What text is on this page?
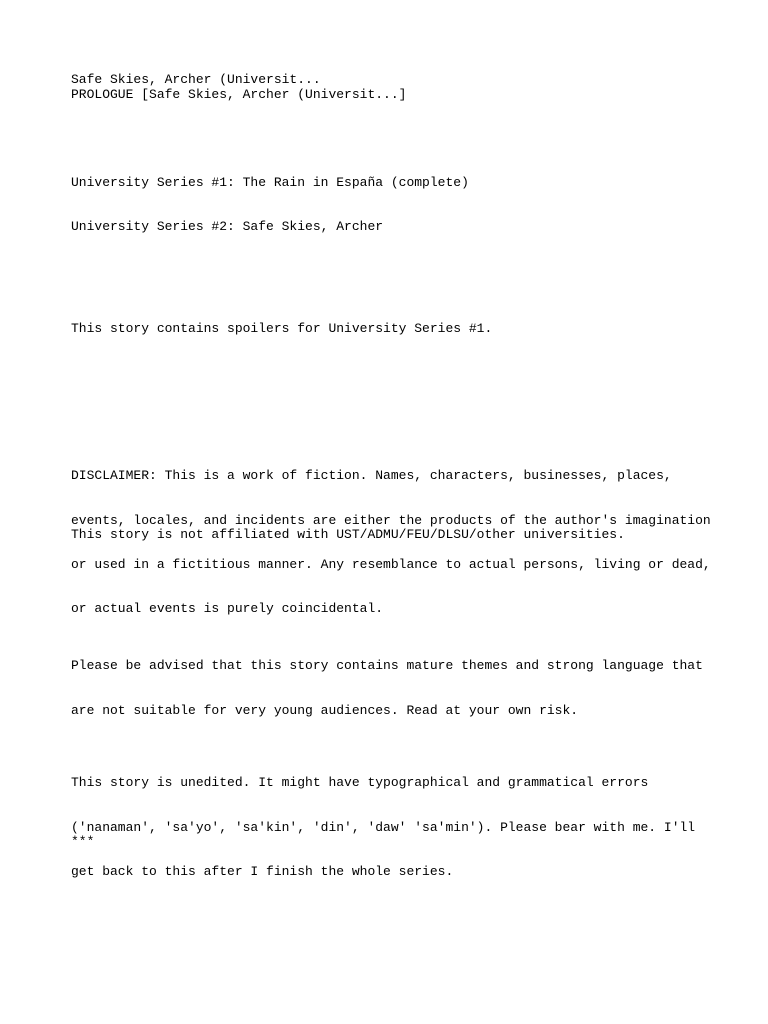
Safe Skies, Archer (Universit...
PROLOGUE [Safe Skies, Archer (Universit...]
University Series #1: The Rain in España (complete)
University Series #2: Safe Skies, Archer
This story contains spoilers for University Series #1.

DISCLAIMER: This is a work of fiction. Names, characters, businesses, places,

events, locales, and incidents are either the products of the author's imagination

or used in a fictitious manner. Any resemblance to actual persons, living or dead,

or actual events is purely coincidental.

This story is not affiliated with UST/ADMU/FEU/DLSU/other universities.

Please be advised that this story contains mature themes and strong language that

are not suitable for very young audiences. Read at your own risk.

This story is unedited. It might have typographical and grammatical errors

('nanaman', 'sa'yo', 'sa'kin', 'din', 'daw' 'sa'min'). Please bear with me. I'll

get back to this after I finish the whole series.

***
